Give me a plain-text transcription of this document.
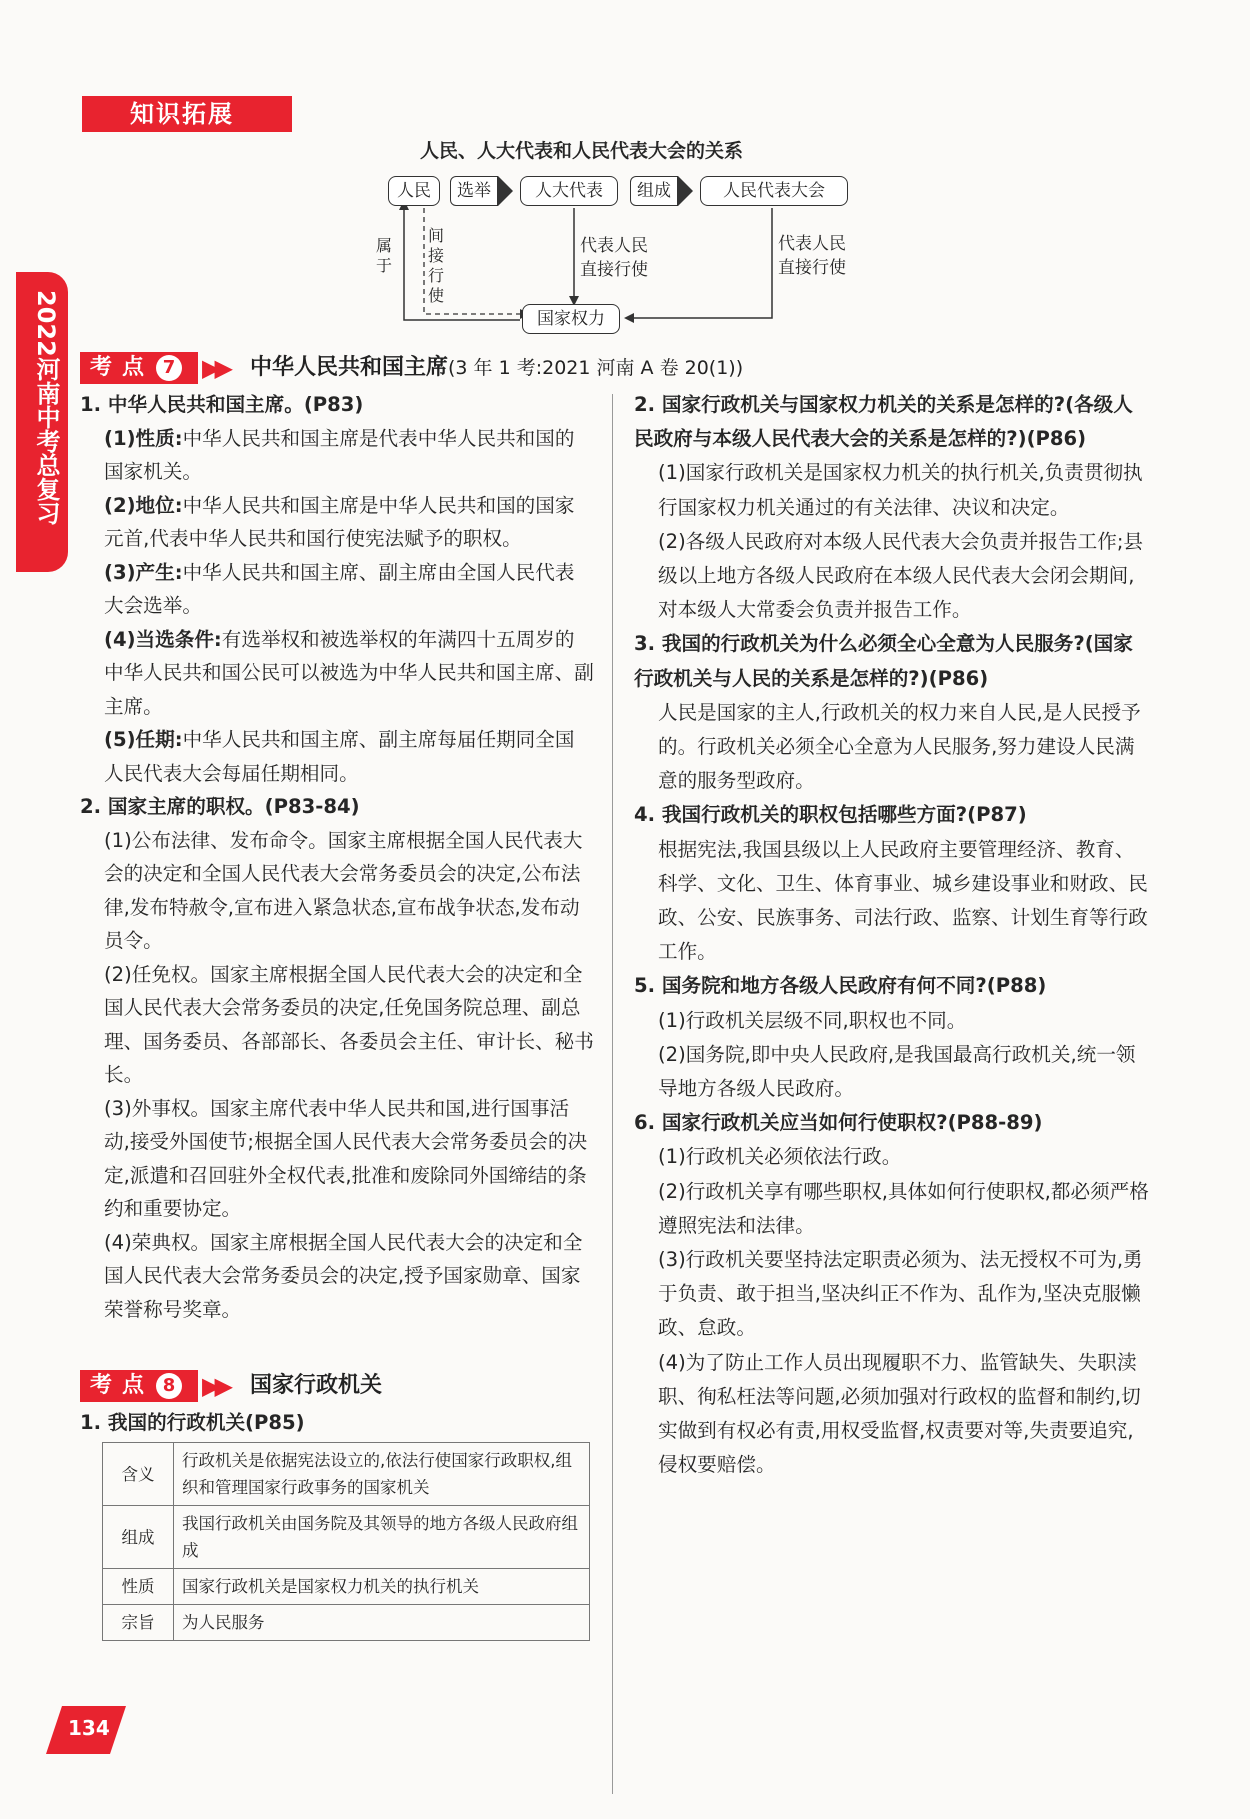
知识拓展
2022河南中考总复习
人民、人大代表和人民代表大会的关系
人民	选举	人大代表	组成	人民代表大会
属于
间接行使
代表人民直接行使
代表人民直接行使
国家权力
考点 7 ▶▶ 中华人民共和国主席(3 年 1 考:2021 河南 A 卷 20(1))

1. 中华人民共和国主席。(P83)

(1)性质:中华人民共和国主席是代表中华人民共和国的国家机关。

(2)地位:中华人民共和国主席是中华人民共和国的国家元首,代表中华人民共和国行使宪法赋予的职权。

(3)产生:中华人民共和国主席、副主席由全国人民代表大会选举。

(4)当选条件:有选举权和被选举权的年满四十五周岁的中华人民共和国公民可以被选为中华人民共和国主席、副主席。

(5)任期:中华人民共和国主席、副主席每届任期同全国人民代表大会每届任期相同。

2. 国家主席的职权。(P83-84)

(1)公布法律、发布命令。国家主席根据全国人民代表大会的决定和全国人民代表大会常务委员会的决定,公布法律,发布特赦令,宣布进入紧急状态,宣布战争状态,发布动员令。

(2)任免权。国家主席根据全国人民代表大会的决定和全国人民代表大会常务委员的决定,任免国务院总理、副总理、国务委员、各部部长、各委员会主任、审计长、秘书长。

(3)外事权。国家主席代表中华人民共和国,进行国事活动,接受外国使节;根据全国人民代表大会常务委员会的决定,派遣和召回驻外全权代表,批准和废除同外国缔结的条约和重要协定。

(4)荣典权。国家主席根据全国人民代表大会的决定和全国人民代表大会常务委员会的决定,授予国家勋章、国家荣誉称号奖章。

考点 8 ▶▶ 国家行政机关
1. 我国的行政机关(P85)
含义	行政机关是依据宪法设立的,依法行使国家行政职权,组织和管理国家行政事务的国家机关
组成	我国行政机关由国务院及其领导的地方各级人民政府组成
性质	国家行政机关是国家权力机关的执行机关
宗旨	为人民服务

2. 国家行政机关与国家权力机关的关系是怎样的?(各级人民政府与本级人民代表大会的关系是怎样的?)(P86)

(1)国家行政机关是国家权力机关的执行机关,负责贯彻执行国家权力机关通过的有关法律、决议和决定。

(2)各级人民政府对本级人民代表大会负责并报告工作;县级以上地方各级人民政府在本级人民代表大会闭会期间,对本级人大常委会负责并报告工作。

3. 我国的行政机关为什么必须全心全意为人民服务?(国家行政机关与人民的关系是怎样的?)(P86)

人民是国家的主人,行政机关的权力来自人民,是人民授予的。行政机关必须全心全意为人民服务,努力建设人民满意的服务型政府。

4. 我国行政机关的职权包括哪些方面?(P87)

根据宪法,我国县级以上人民政府主要管理经济、教育、科学、文化、卫生、体育事业、城乡建设事业和财政、民政、公安、民族事务、司法行政、监察、计划生育等行政工作。

5. 国务院和地方各级人民政府有何不同?(P88)

(1)行政机关层级不同,职权也不同。

(2)国务院,即中央人民政府,是我国最高行政机关,统一领导地方各级人民政府。

6. 国家行政机关应当如何行使职权?(P88-89)

(1)行政机关必须依法行政。

(2)行政机关享有哪些职权,具体如何行使职权,都必须严格遵照宪法和法律。

(3)行政机关要坚持法定职责必须为、法无授权不可为,勇于负责、敢于担当,坚决纠正不作为、乱作为,坚决克服懒政、怠政。

(4)为了防止工作人员出现履职不力、监管缺失、失职渎职、徇私枉法等问题,必须加强对行政权的监督和制约,切实做到有权必有责,用权受监督,权责要对等,失责要追究,侵权要赔偿。

134
